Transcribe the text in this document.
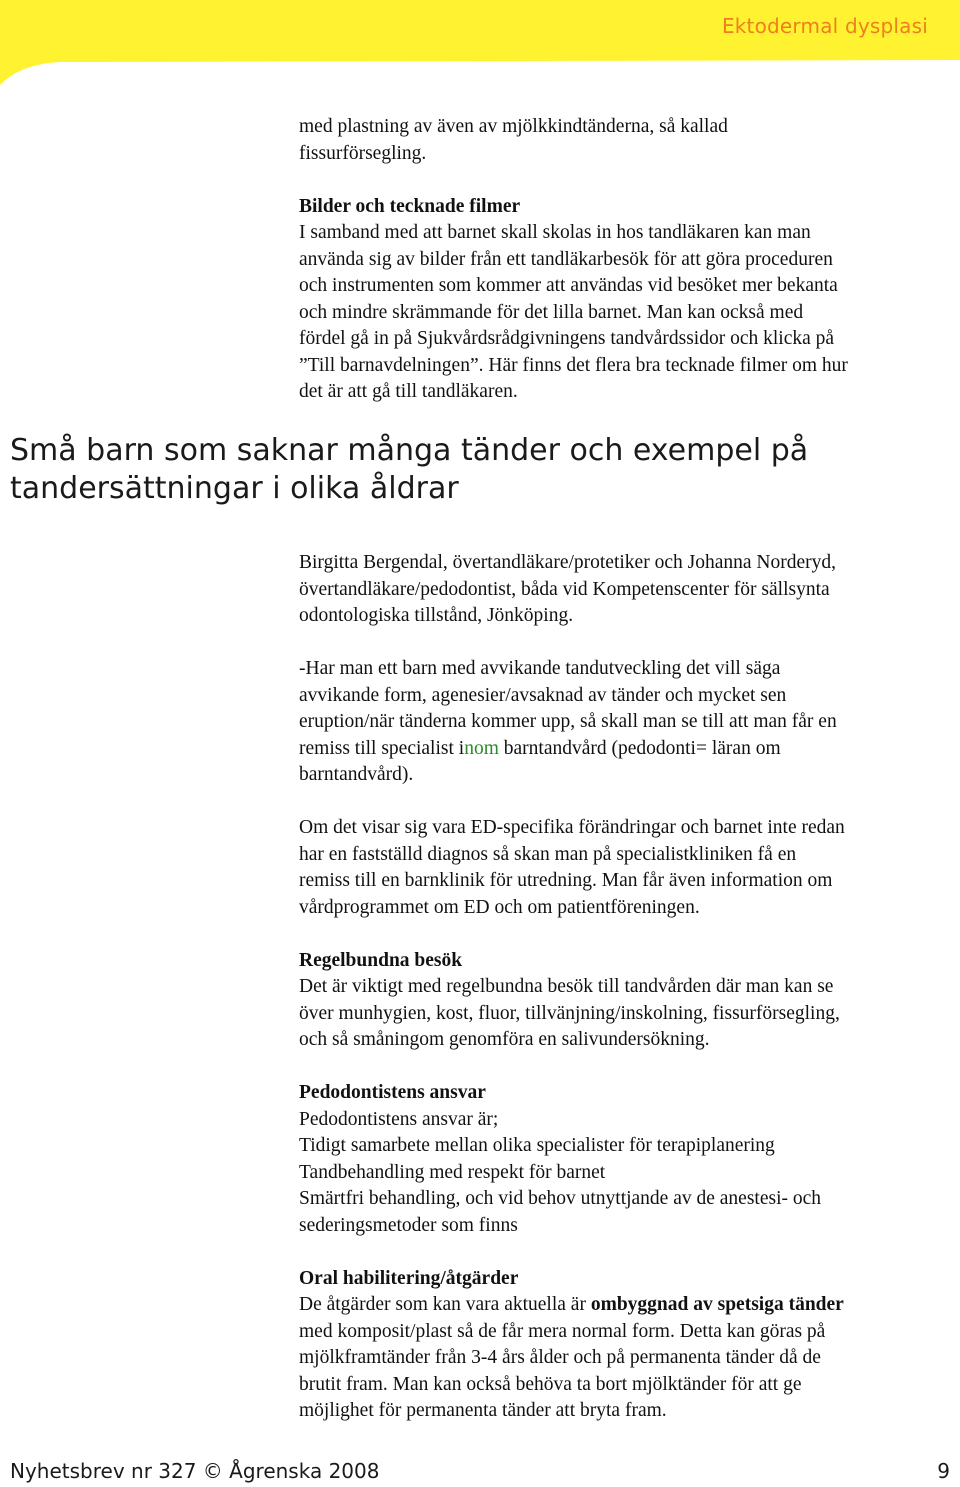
Ektodermal dysplasi

med plastning av även av mjölkkindtänderna, så kallad

fissurförsegling.

Bilder och tecknade filmer

I samband med att barnet skall skolas in hos tandläkaren kan man

använda sig av bilder från ett tandläkarbesök för att göra proceduren

och instrumenten som kommer att användas vid besöket mer bekanta

och mindre skrämmande för det lilla barnet. Man kan också med

fördel gå in på Sjukvårdsrådgivningens tandvårdssidor och klicka på

”Till barnavdelningen”. Här finns det flera bra tecknade filmer om hur

det är att gå till tandläkaren.

Små barn som saknar många tänder och exempel på
tandersättningar i olika åldrar

Birgitta Bergendal, övertandläkare/protetiker och Johanna Norderyd,

övertandläkare/pedodontist, båda vid Kompetenscenter för sällsynta

odontologiska tillstånd, Jönköping.

-Har man ett barn med avvikande tandutveckling det vill säga

avvikande form, agenesier/avsaknad av tänder och mycket sen

eruption/när tänderna kommer upp, så skall man se till att man får en

remiss till specialist inom barntandvård (pedodonti= läran om

barntandvård).

Om det visar sig vara ED-specifika förändringar och barnet inte redan

har en fastställd diagnos så skan man på specialistkliniken få en

remiss till en barnklinik för utredning. Man får även information om

vårdprogrammet om ED och om patientföreningen.

Regelbundna besök

Det är viktigt med regelbundna besök till tandvården där man kan se

över munhygien, kost, fluor, tillvänjning/inskolning, fissurförsegling,

och så småningom genomföra en salivundersökning.

Pedodontistens ansvar

Pedodontistens ansvar är;

Tidigt samarbete mellan olika specialister för terapiplanering

Tandbehandling med respekt för barnet

Smärtfri behandling, och vid behov utnyttjande av de anestesi- och

sederingsmetoder som finns

Oral habilitering/åtgärder

De åtgärder som kan vara aktuella är ombyggnad av spetsiga tänder

med komposit/plast så de får mera normal form. Detta kan göras på

mjölkframtänder från 3-4 års ålder och på permanenta tänder då de

brutit fram. Man kan också behöva ta bort mjölktänder för att ge

möjlighet för permanenta tänder att bryta fram.

Nyhetsbrev nr 327 © Ågrenska 2008	9
